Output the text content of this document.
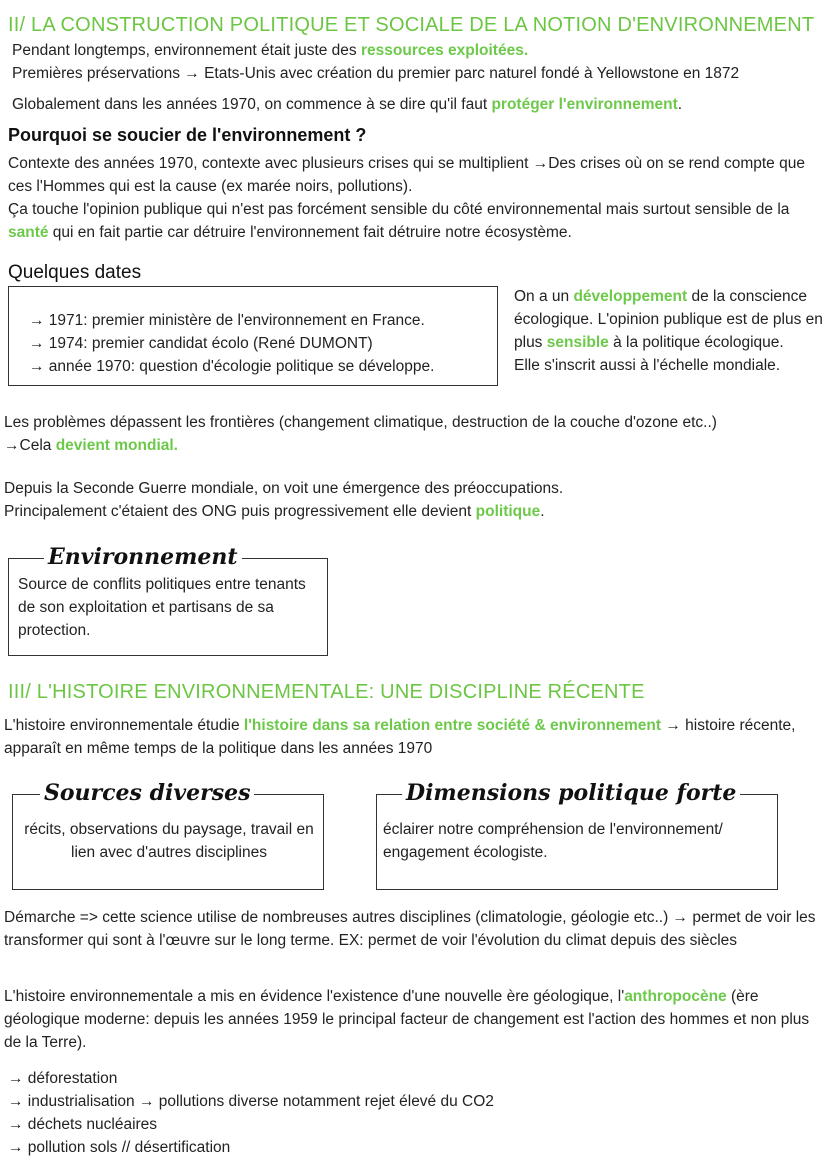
II/ LA CONSTRUCTION POLITIQUE ET SOCIALE DE LA NOTION D'ENVIRONNEMENT
Pendant longtemps, environnement était juste des ressources exploitées.
Premières préservations → Etats-Unis avec création du premier parc naturel fondé à Yellowstone en 1872
Globalement dans les années 1970, on commence à se dire qu'il faut protéger l'environnement.
Pourquoi se soucier de l'environnement ?
Contexte des années 1970, contexte avec plusieurs crises qui se multiplient →Des crises où on se rend compte que ces l'Hommes qui est la cause (ex marée noirs, pollutions).
Ça touche l'opinion publique qui n'est pas forcément sensible du côté environnemental mais surtout sensible de la santé qui en fait partie car détruire l'environnement fait détruire notre écosystème.
Quelques dates
→ 1971: premier ministère de l'environnement en France.
→ 1974: premier candidat écolo (René DUMONT)
→ année 1970: question d'écologie politique se développe.
On a un développement de la conscience écologique. L'opinion publique est de plus en plus sensible à la politique écologique.
Elle s'inscrit aussi à l'échelle mondiale.
Les problèmes dépassent les frontières (changement climatique, destruction de la couche d'ozone etc..)
→Cela devient mondial.
Depuis la Seconde Guerre mondiale, on voit une émergence des préoccupations.
Principalement c'étaient des ONG puis progressivement elle devient politique.
Source de conflits politiques entre tenants de son exploitation et partisans de sa protection.
Environnement
III/ L'HISTOIRE ENVIRONNEMENTALE: UNE DISCIPLINE RÉCENTE
L'histoire environnementale étudie l'histoire dans sa relation entre société & environnement → histoire récente, apparaît en même temps de la politique dans les années 1970
récits, observations du paysage, travail en lien avec d'autres disciplines
Sources diverses
éclairer notre compréhension de l'environnement/ engagement écologiste.
Dimensions politique forte
Démarche => cette science utilise de nombreuses autres disciplines (climatologie, géologie etc..) → permet de voir les transformer qui sont à l'œuvre sur le long terme. EX: permet de voir l'évolution du climat depuis des siècles
L'histoire environnementale a mis en évidence l'existence d'une nouvelle ère géologique, l'anthropocène (ère géologique moderne: depuis les années 1959 le principal facteur de changement est l'action des hommes et non plus de la Terre).
→ déforestation
→ industrialisation → pollutions diverse notamment rejet élevé du CO2
→ déchets nucléaires
→ pollution sols // désertification
